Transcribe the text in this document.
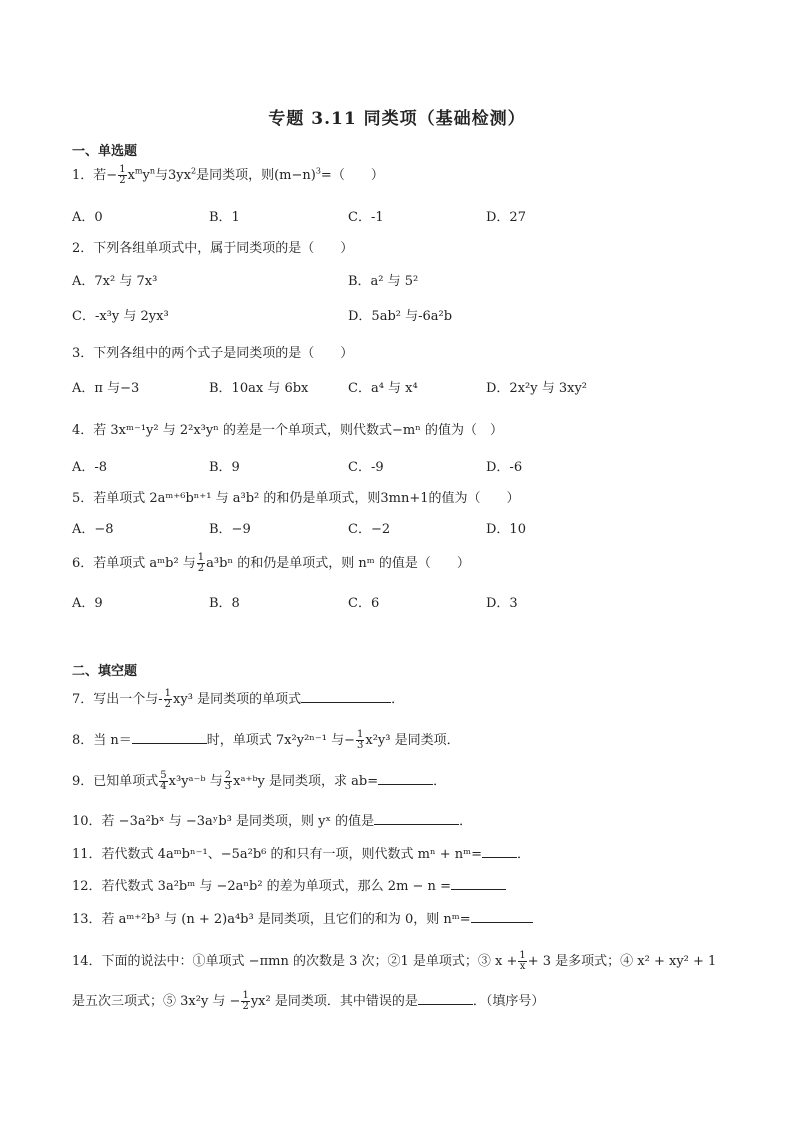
专题 3.11 同类项（基础检测）
一、单选题
1．若− $\frac{1}{2} x^my^n$与$3yx^2$是同类项，则$(m-n)^3=$（　　）
A．0	B．1	C．-1	D．27
2．下列各组单项式中，属于同类项的是（　　）
A．7x² 与 7x³	B．a² 与 5²
C．-x³y 与 2yx³	D．5ab² 与-6a²b
3．下列各组中的两个式子是同类项的是（　　）
A．π 与−3	B．10ax 与 6bx	C．a⁴ 与 x⁴	D．2x²y 与 3xy²
4．若 3xᵐ⁻¹y² 与 2²x³yⁿ 的差是一个单项式，则代数式−mⁿ 的值为（　）
A．-8	B．9	C．-9	D．-6
5．若单项式 2aᵐ⁺⁶bⁿ⁺¹ 与 a³b² 的和仍是单项式，则3mn+1的值为（　　）
A．−8	B．−9	C．−2	D．10
6．若单项式 aᵐb² 与 $\frac{1}{2} a^3b^n$ 的和仍是单项式，则 nᵐ 的值是（　　）
A．9	B．8	C．6	D．3
二、填空题
7．写出一个与- $\frac{1}{2} xy^3$ 是同类项的单项式	．
8．当 n＝	时，单项式 7x²y²ⁿ⁻¹ 与− $\frac{1}{3} x^2y^3$ 是同类项．
9．已知单项式 $\frac{5}{4}$ x³yᵃ⁻ᵇ 与 $\frac{2}{3}$ xᵃ⁺ᵇy 是同类项，求 ab=	．
10．若 −3a²bˣ 与 −3aʸb³ 是同类项，则 yˣ 的值是	．
11．若代数式 4aᵐbⁿ⁻¹、−5a²b⁶ 的和只有一项，则代数式 mⁿ + nᵐ=	．
12．若代数式 3a²bᵐ 与 −2aⁿb² 的差为单项式，那么 2m − n =
13．若 aᵐ⁺²b³ 与 (n + 2)a⁴b³ 是同类项，且它们的和为 0，则 nᵐ=
14．下面的说法中：①单项式 −πmn 的次数是 3 次；②1 是单项式；③ $x + \frac{1}{x} + 3$ 是多项式；④ x² + xy² + 1
是五次三项式；⑤ 3x²y 与 − $\frac{1}{2} yx^2$ 是同类项．其中错误的是	．（填序号）
